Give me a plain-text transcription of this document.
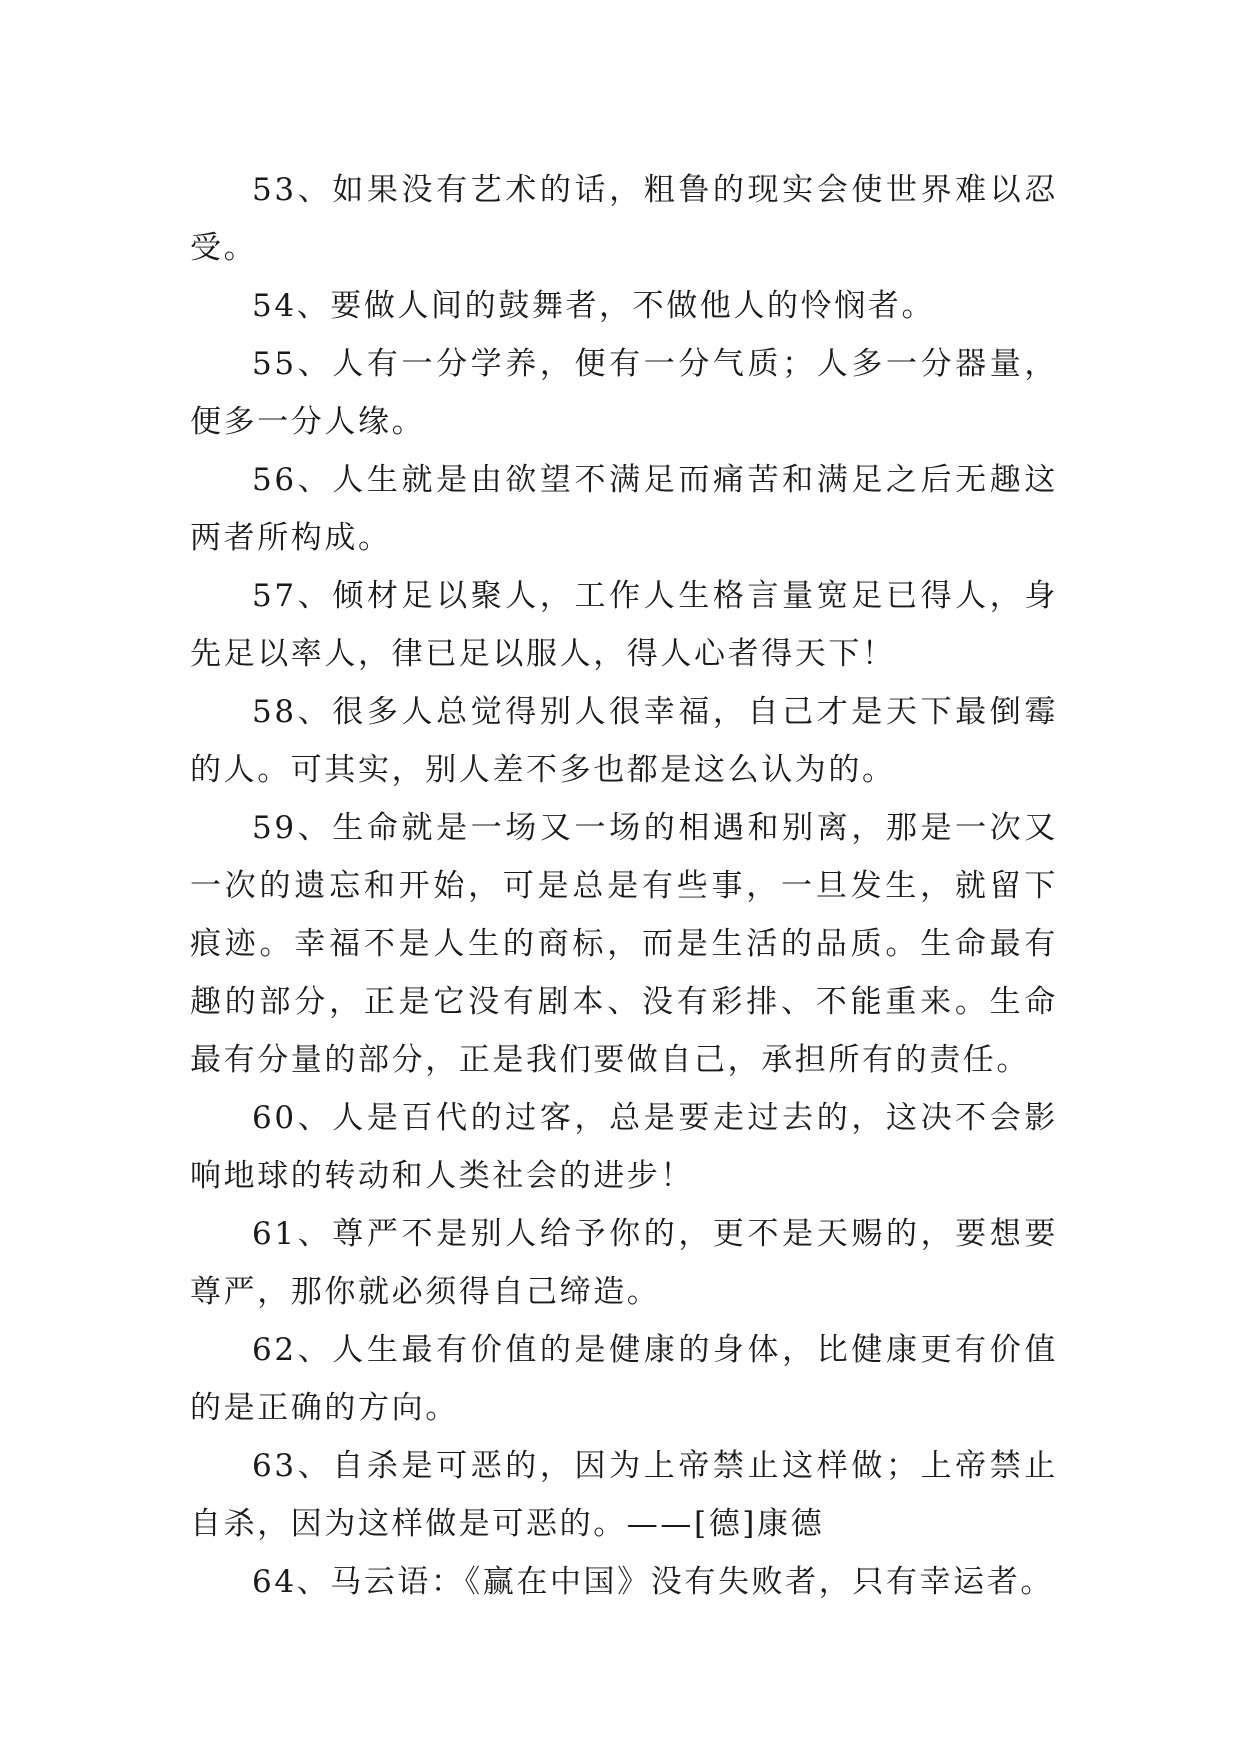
53、如果没有艺术的话，粗鲁的现实会使世界难以忍受。

54、要做人间的鼓舞者，不做他人的怜悯者。

55、人有一分学养，便有一分气质；人多一分器量，便多一分人缘。

56、人生就是由欲望不满足而痛苦和满足之后无趣这两者所构成。

57、倾材足以聚人，工作人生格言量宽足已得人，身先足以率人，律已足以服人，得人心者得天下！

58、很多人总觉得别人很幸福，自己才是天下最倒霉的人。可其实，别人差不多也都是这么认为的。

59、生命就是一场又一场的相遇和别离，那是一次又一次的遗忘和开始，可是总是有些事，一旦发生，就留下痕迹。幸福不是人生的商标，而是生活的品质。生命最有趣的部分，正是它没有剧本、没有彩排、不能重来。生命最有分量的部分，正是我们要做自己，承担所有的责任。

60、人是百代的过客，总是要走过去的，这决不会影响地球的转动和人类社会的进步！

61、尊严不是别人给予你的，更不是天赐的，要想要尊严，那你就必须得自己缔造。

62、人生最有价值的是健康的身体，比健康更有价值的是正确的方向。

63、自杀是可恶的，因为上帝禁止这样做；上帝禁止自杀，因为这样做是可恶的。——[德]康德

64、马云语：《赢在中国》没有失败者，只有幸运者。
